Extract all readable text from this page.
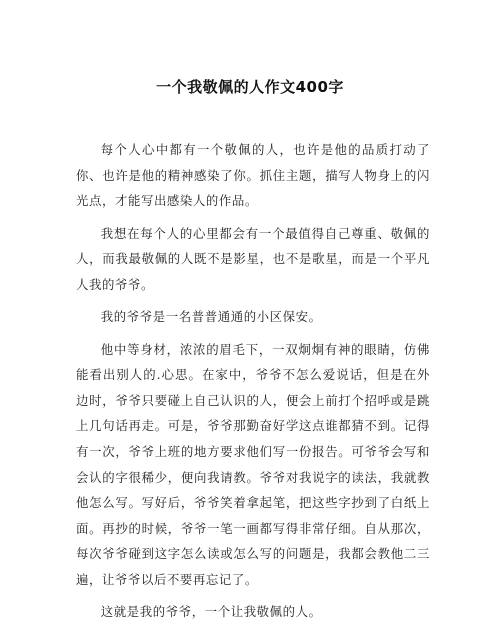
一个我敬佩的人作文400字

每个人心中都有一个敬佩的人，也许是他的品质打动了你、也许是他的精神感染了你。抓住主题，描写人物身上的闪光点，才能写出感染人的作品。

我想在每个人的心里都会有一个最值得自己尊重、敬佩的人，而我最敬佩的人既不是影星，也不是歌星，而是一个平凡人我的爷爷。

我的爷爷是一名普普通通的小区保安。

他中等身材，浓浓的眉毛下，一双炯炯有神的眼睛，仿佛能看出别人的.心思。在家中，爷爷不怎么爱说话，但是在外边时，爷爷只要碰上自己认识的人，便会上前打个招呼或是跳上几句话再走。可是，爷爷那勤奋好学这点谁都猜不到。记得有一次，爷爷上班的地方要求他们写一份报告。可爷爷会写和会认的字很稀少，便向我请教。爷爷对我说字的读法，我就教他怎么写。写好后，爷爷笑着拿起笔，把这些字抄到了白纸上面。再抄的时候，爷爷一笔一画都写得非常仔细。自从那次，每次爷爷碰到这字怎么读或怎么写的问题是，我都会教他二三遍，让爷爷以后不要再忘记了。

这就是我的爷爷，一个让我敬佩的人。
